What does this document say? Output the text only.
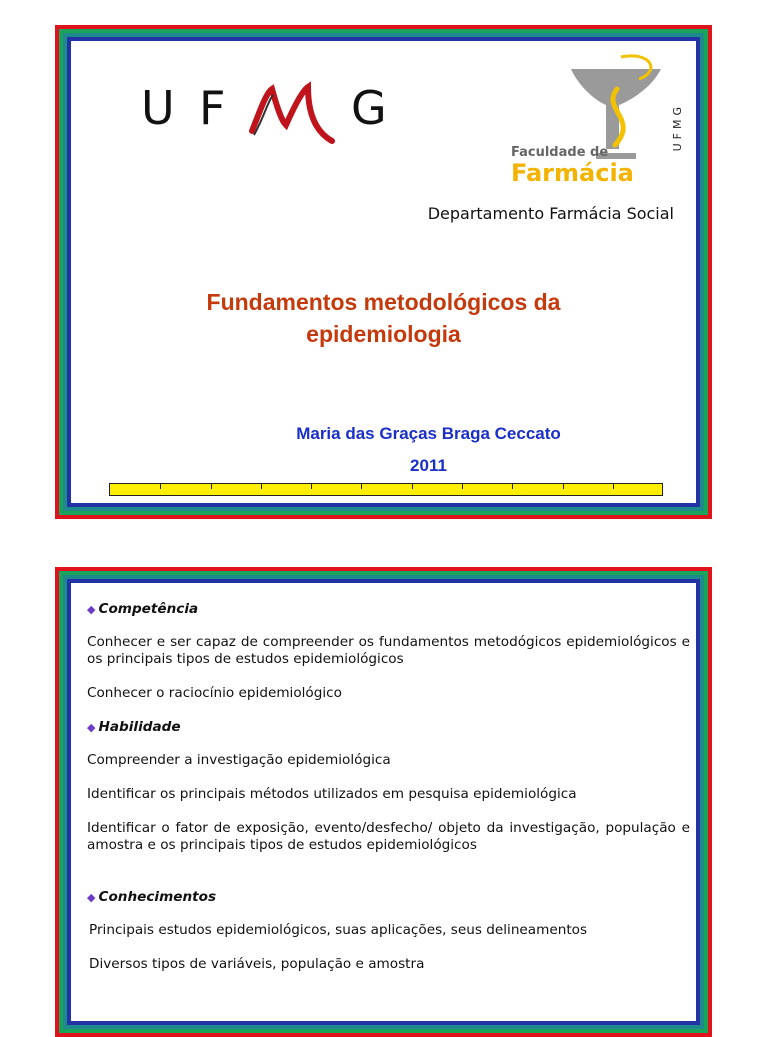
U F	G
Faculdade de
Farmácia
UFMG
Departamento Farmácia Social
Fundamentos metodológicos da
epidemiologia
Maria das Graças Braga Ceccato
2011
◆ Competência

Conhecer e ser capaz de compreender os fundamentos metodógicos epidemiológicos e os principais tipos de estudos epidemiológicos

Conhecer o raciocínio epidemiológico

◆ Habilidade

Compreender a investigação epidemiológica

Identificar os principais métodos utilizados em pesquisa epidemiológica

Identificar o fator de exposição, evento/desfecho/ objeto da investigação, população e amostra e os principais tipos de estudos epidemiológicos

◆ Conhecimentos

Principais estudos epidemiológicos, suas aplicações, seus delineamentos

Diversos tipos de variáveis, população e amostra
